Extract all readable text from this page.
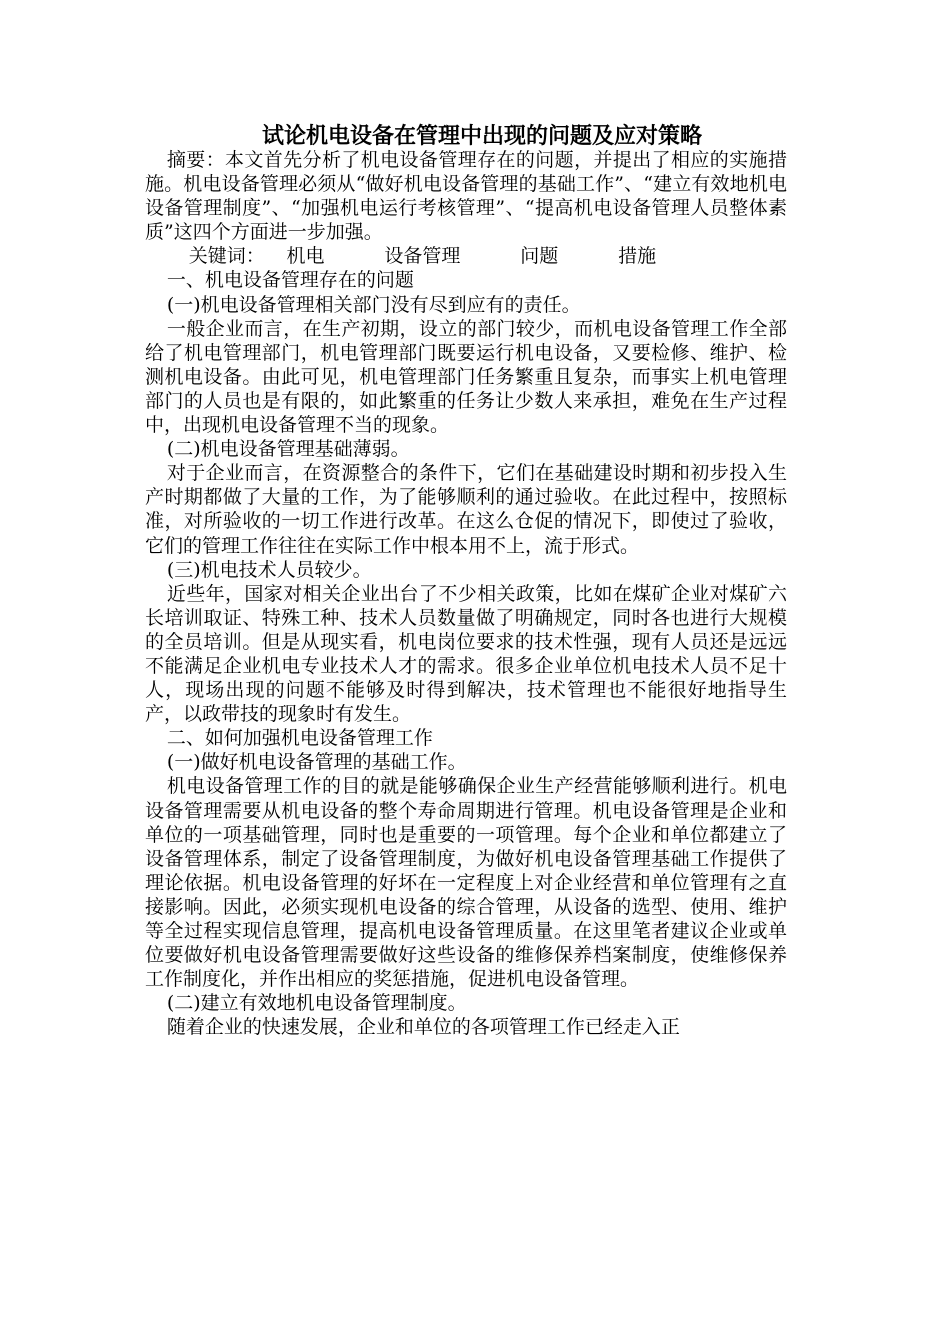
试论机电设备在管理中出现的问题及应对策略

摘要：本文首先分析了机电设备管理存在的问题，并提出了相应的实施措施。机电设备管理必须从“做好机电设备管理的基础工作”、“建立有效地机电设备管理制度”、“加强机电运行考核管理”、“提高机电设备管理人员整体素质”这四个方面进一步加强。

关键词： 机电	设备管理	问题	措施

一、机电设备管理存在的问题

(一)机电设备管理相关部门没有尽到应有的责任。

一般企业而言，在生产初期，设立的部门较少，而机电设备管理工作全部给了机电管理部门，机电管理部门既要运行机电设备，又要检修、维护、检测机电设备。由此可见，机电管理部门任务繁重且复杂，而事实上机电管理部门的人员也是有限的，如此繁重的任务让少数人来承担，难免在生产过程中，出现机电设备管理不当的现象。

(二)机电设备管理基础薄弱。

对于企业而言，在资源整合的条件下，它们在基础建设时期和初步投入生产时期都做了大量的工作，为了能够顺利的通过验收。在此过程中，按照标准，对所验收的一切工作进行改革。在这么仓促的情况下，即使过了验收，它们的管理工作往往在实际工作中根本用不上，流于形式。

(三)机电技术人员较少。

近些年，国家对相关企业出台了不少相关政策，比如在煤矿企业对煤矿六长培训取证、特殊工种、技术人员数量做了明确规定，同时各也进行大规模的全员培训。但是从现实看，机电岗位要求的技术性强，现有人员还是远远不能满足企业机电专业技术人才的需求。很多企业单位机电技术人员不足十人，现场出现的问题不能够及时得到解决，技术管理也不能很好地指导生产，以政带技的现象时有发生。

二、如何加强机电设备管理工作

(一)做好机电设备管理的基础工作。

机电设备管理工作的目的就是能够确保企业生产经营能够顺利进行。机电设备管理需要从机电设备的整个寿命周期进行管理。机电设备管理是企业和单位的一项基础管理，同时也是重要的一项管理。每个企业和单位都建立了设备管理体系，制定了设备管理制度，为做好机电设备管理基础工作提供了理论依据。机电设备管理的好坏在一定程度上对企业经营和单位管理有之直接影响。因此，必须实现机电设备的综合管理，从设备的选型、使用、维护等全过程实现信息管理，提高机电设备管理质量。在这里笔者建议企业或单位要做好机电设备管理需要做好这些设备的维修保养档案制度，使维修保养工作制度化，并作出相应的奖惩措施，促进机电设备管理。

(二)建立有效地机电设备管理制度。

随着企业的快速发展，企业和单位的各项管理工作已经走入正
